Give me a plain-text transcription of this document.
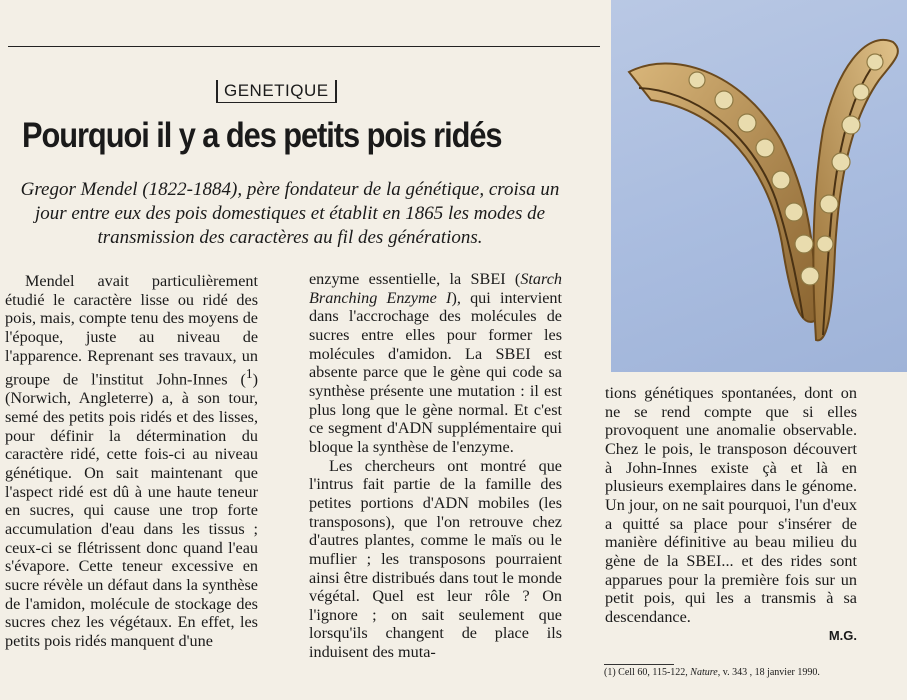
GENETIQUE
Pourquoi il y a des petits pois ridés

Gregor Mendel (1822-1884), père fondateur de la génétique, croisa un jour entre eux des pois domestiques et établit en 1865 les modes de transmission des caractères au fil des générations.

Mendel avait particulièrement étudié le caractère lisse ou ridé des pois, mais, compte tenu des moyens de l'époque, juste au niveau de l'apparence. Reprenant ses travaux, un groupe de l'institut John-Innes ($^1$) (Norwich, Angleterre) a, à son tour, semé des petits pois ridés et des lisses, pour définir la détermination du caractère ridé, cette fois-ci au niveau génétique. On sait maintenant que l'aspect ridé est dû à une haute teneur en sucres, qui cause une trop forte accumulation d'eau dans les tissus ; ceux-ci se flétrissent donc quand l'eau s'évapore. Cette teneur excessive en sucre révèle un défaut dans la synthèse de l'amidon, molécule de stockage des sucres chez les végétaux. En effet, les petits pois ridés manquent d'une

enzyme essentielle, la SBEI (Starch Branching Enzyme I), qui intervient dans l'accrochage des molécules de sucres entre elles pour former les molécules d'amidon. La SBEI est absente parce que le gène qui code sa synthèse présente une mutation : il est plus long que le gène normal. Et c'est ce segment d'ADN supplémentaire qui bloque la synthèse de l'enzyme.

Les chercheurs ont montré que l'intrus fait partie de la famille des petites portions d'ADN mobiles (les transposons), que l'on retrouve chez d'autres plantes, comme le maïs ou le muflier ; les transposons pourraient ainsi être distribués dans tout le monde végétal. Quel est leur rôle ? On l'ignore ; on sait seulement que lorsqu'ils changent de place ils induisent des muta-

tions génétiques spontanées, dont on ne se rend compte que si elles provoquent une anomalie observable. Chez le pois, le transposon découvert à John-Innes existe çà et là en plusieurs exemplaires dans le génome. Un jour, on ne sait pourquoi, l'un d'eux a quitté sa place pour s'insérer de manière définitive au beau milieu du gène de la SBEI... et des rides sont apparues pour la première fois sur un petit pois, qui les a transmis à sa descendance.

M.G.
(1) Cell 60, 115-122, Nature, v. 343 , 18 janvier 1990.
